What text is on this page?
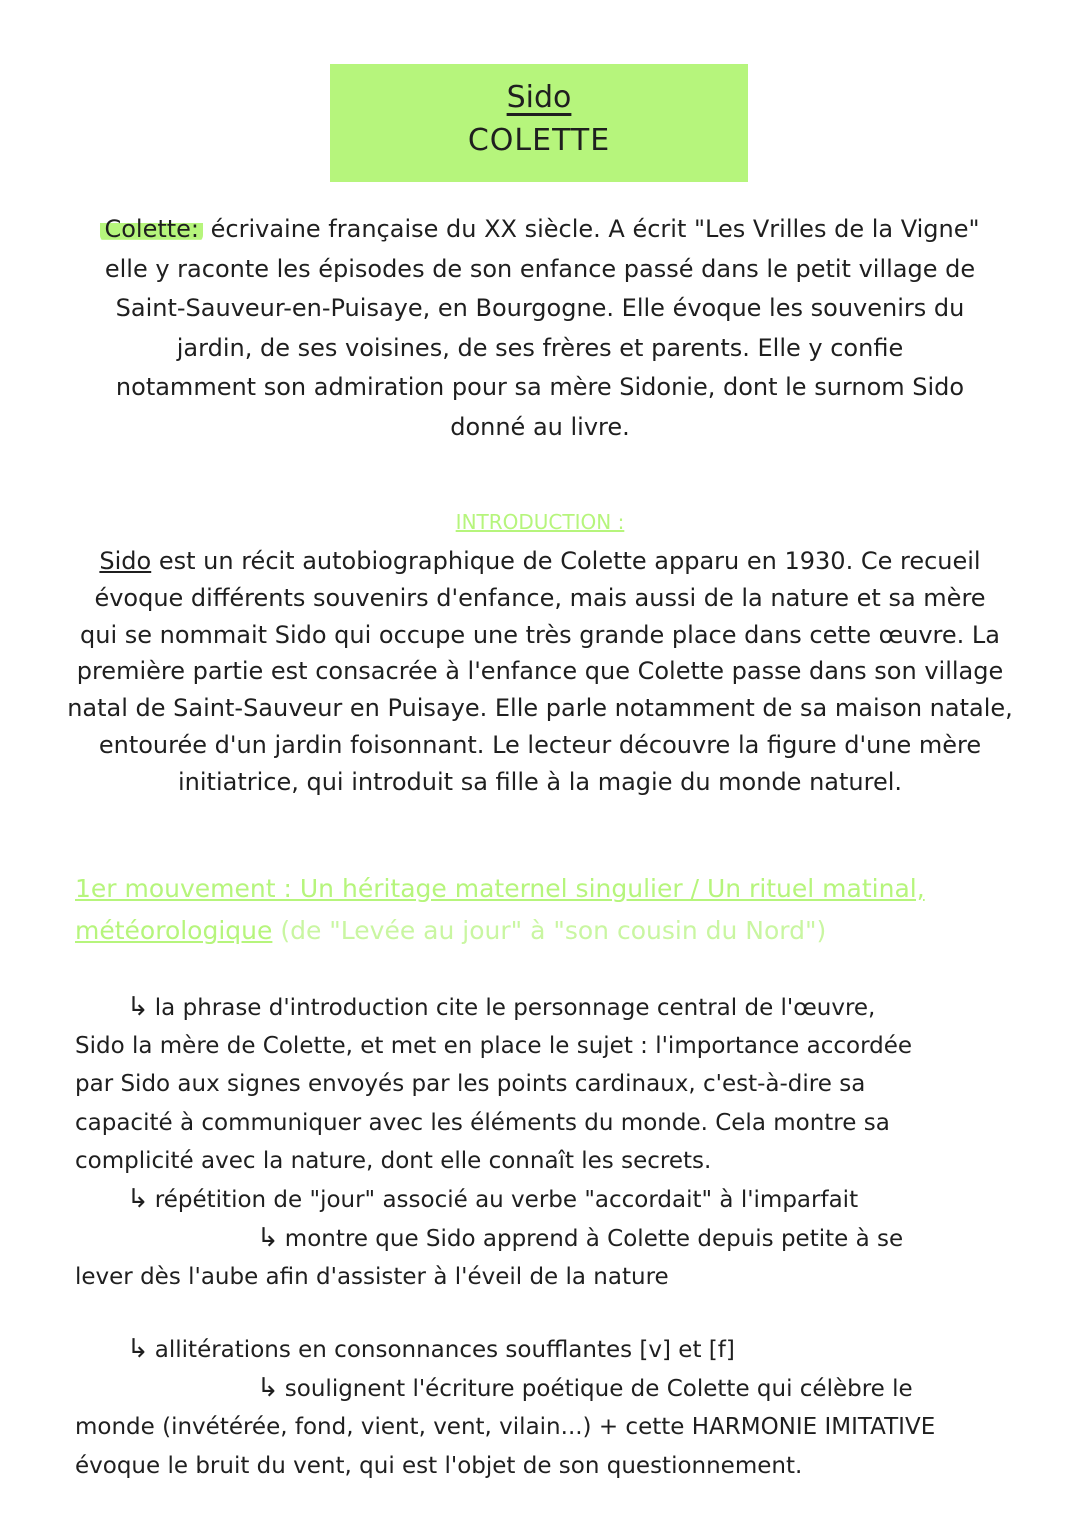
Sido
COLETTE
Colette: écrivaine française du XX siècle. A écrit "Les Vrilles de la Vigne"
elle y raconte les épisodes de son enfance passé dans le petit village de
Saint-Sauveur-en-Puisaye, en Bourgogne. Elle évoque les souvenirs du
jardin, de ses voisines, de ses frères et parents. Elle y confie
notamment son admiration pour sa mère Sidonie, dont le surnom Sido
donné au livre.
INTRODUCTION :
Sido est un récit autobiographique de Colette apparu en 1930. Ce recueil
évoque différents souvenirs d'enfance, mais aussi de la nature et sa mère
qui se nommait Sido qui occupe une très grande place dans cette œuvre. La
première partie est consacrée à l'enfance que Colette passe dans son village
natal de Saint-Sauveur en Puisaye. Elle parle notamment de sa maison natale,
entourée d'un jardin foisonnant. Le lecteur découvre la figure d'une mère
initiatrice, qui introduit sa fille à la magie du monde naturel.
1er mouvement : Un héritage maternel singulier / Un rituel matinal,
météorologique (de "Levée au jour" à "son cousin du Nord")
↳ la phrase d'introduction cite le personnage central de l'œuvre,
Sido la mère de Colette, et met en place le sujet : l'importance accordée
par Sido aux signes envoyés par les points cardinaux, c'est-à-dire sa
capacité à communiquer avec les éléments du monde. Cela montre sa
complicité avec la nature, dont elle connaît les secrets.
↳ répétition de "jour" associé au verbe "accordait" à l'imparfait
↳ montre que Sido apprend à Colette depuis petite à se
lever dès l'aube afin d'assister à l'éveil de la nature
↳ allitérations en consonnances soufflantes [v] et [f]
↳ soulignent l'écriture poétique de Colette qui célèbre le
monde (invétérée, fond, vient, vent, vilain...) + cette HARMONIE IMITATIVE
évoque le bruit du vent, qui est l'objet de son questionnement.
